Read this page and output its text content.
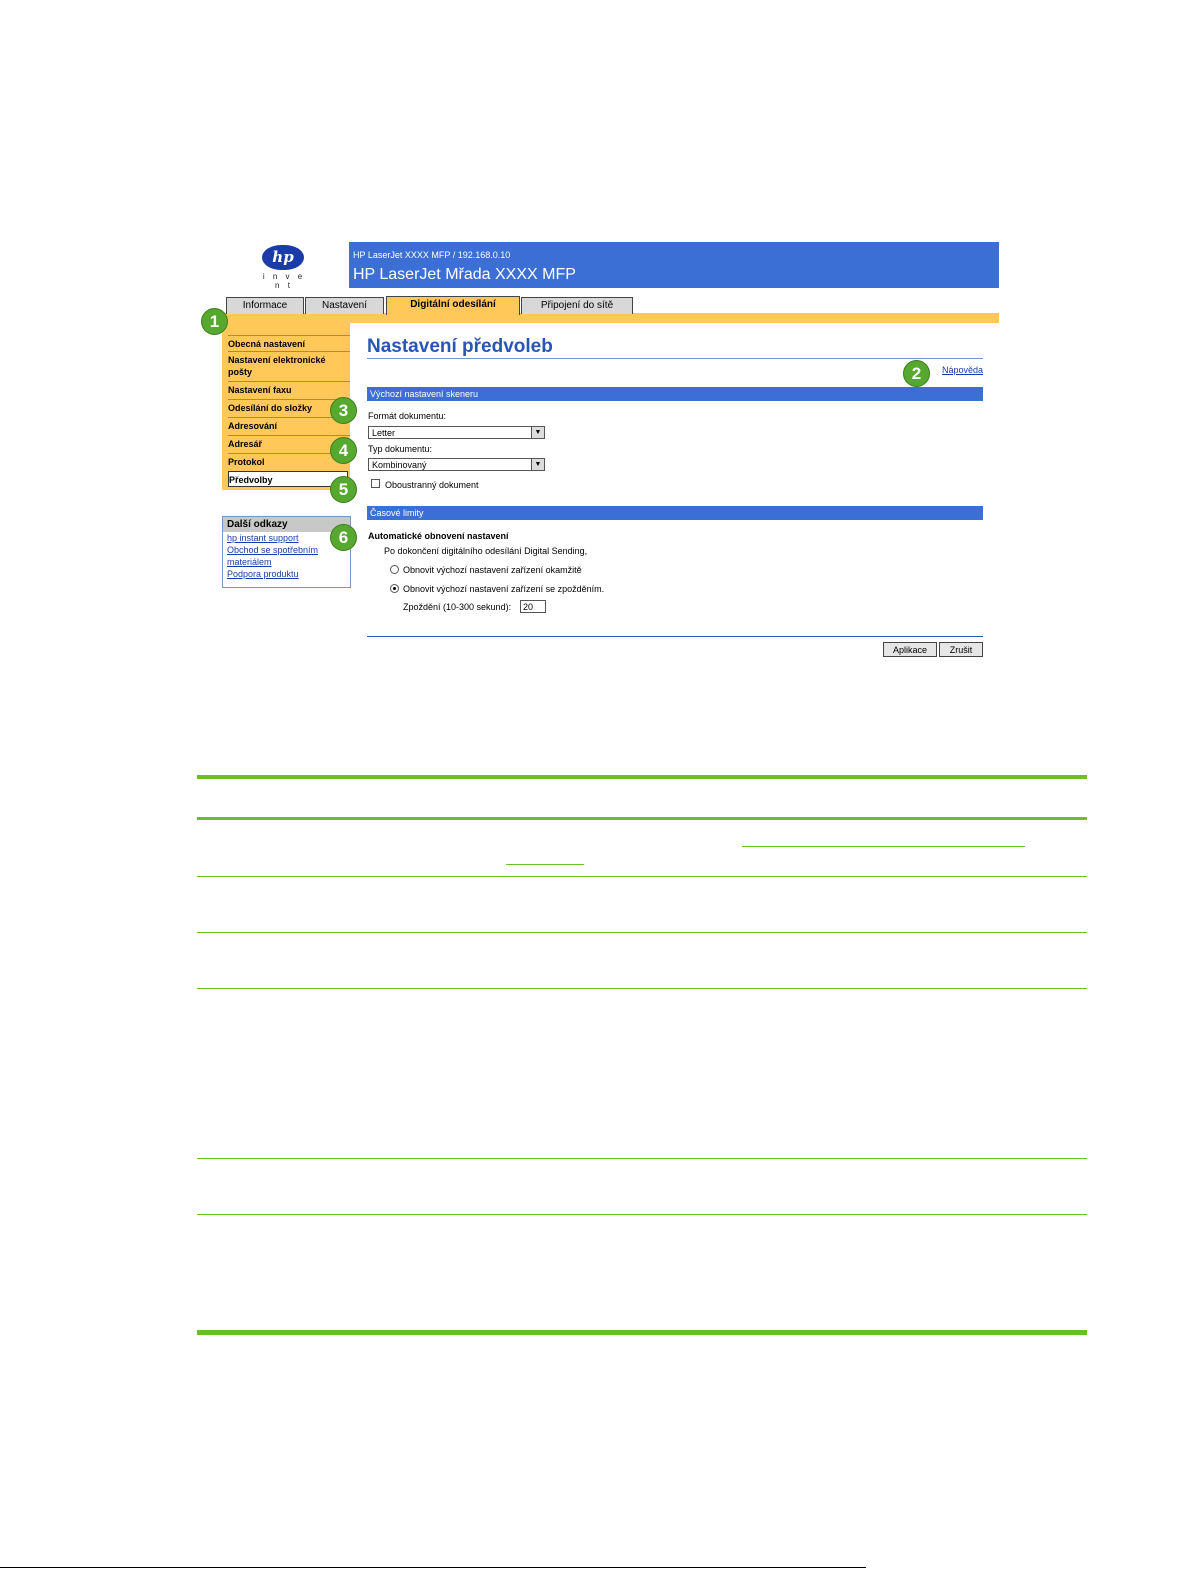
hp
i n v e n t
HP LaserJet XXXX MFP / 192.168.0.10
HP LaserJet Mřada XXXX MFP
Informace	Nastavení	Digitální odesílání	Připojení do sítě
Obecná nastavení
Nastavení elektronické pošty
Nastavení faxu
Odesílání do složky
Adresování
Adresář
Protokol
Předvolby
Další odkazy
hp instant support
Obchod se spotřebním
materiálem
Podpora produktu
Nastavení předvoleb
Nápověda
Výchozí nastavení skeneru
Formát dokumentu:
Letter	▼
Typ dokumentu:
Kombinovaný	▼
Oboustranný dokument
Časové limity
Automatické obnovení nastavení
Po dokončení digitálního odesílání Digital Sending,
Obnovit výchozí nastavení zařízení okamžitě
Obnovit výchozí nastavení zařízení se zpožděním.
Zpoždění (10-300 sekund):	20
Aplikace	Zrušit
1
2
3
4
5
6
